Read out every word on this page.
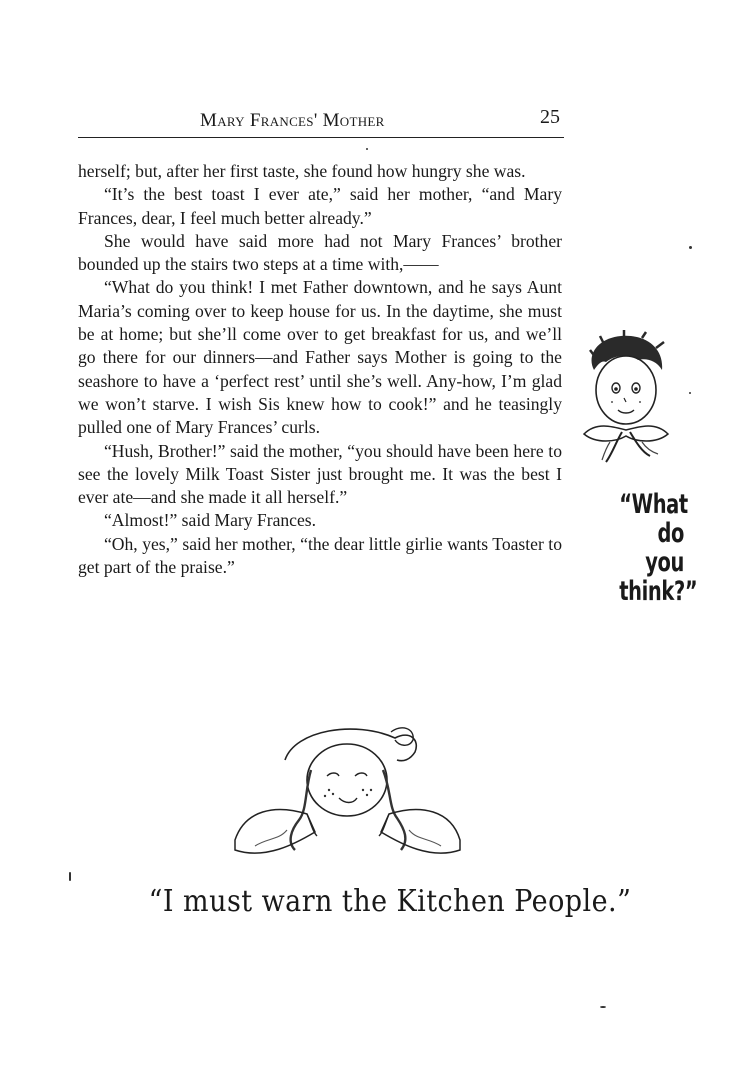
Mary Frances' Mother	25

herself; but, after her first taste, she found how hungry she was.

“It’s the best toast I ever ate,” said her mother, “and Mary Frances, dear, I feel much better already.”

She would have said more had not Mary Frances’ brother bounded up the stairs two steps at a time with,——

“What do you think! I met Father downtown, and he says Aunt Maria’s coming over to keep house for us. In the daytime, she must be at home; but she’ll come over to get breakfast for us, and we’ll go there for our dinners—and Father says Mother is going to the seashore to have a ‘perfect rest’ until she’s well. Any-how, I’m glad we won’t starve. I wish Sis knew how to cook!” and he teasingly pulled one of Mary Frances’ curls.

“Hush, Brother!” said the mother, “you should have been here to see the lovely Milk Toast Sister just brought me. It was the best I ever ate—and she made it all herself.”

“Almost!” said Mary Frances.

“Oh, yes,” said her mother, “the dear little girlie wants Toaster to get part of the praise.”

“What
do
you
think?”
“I must warn the Kitchen People.”
